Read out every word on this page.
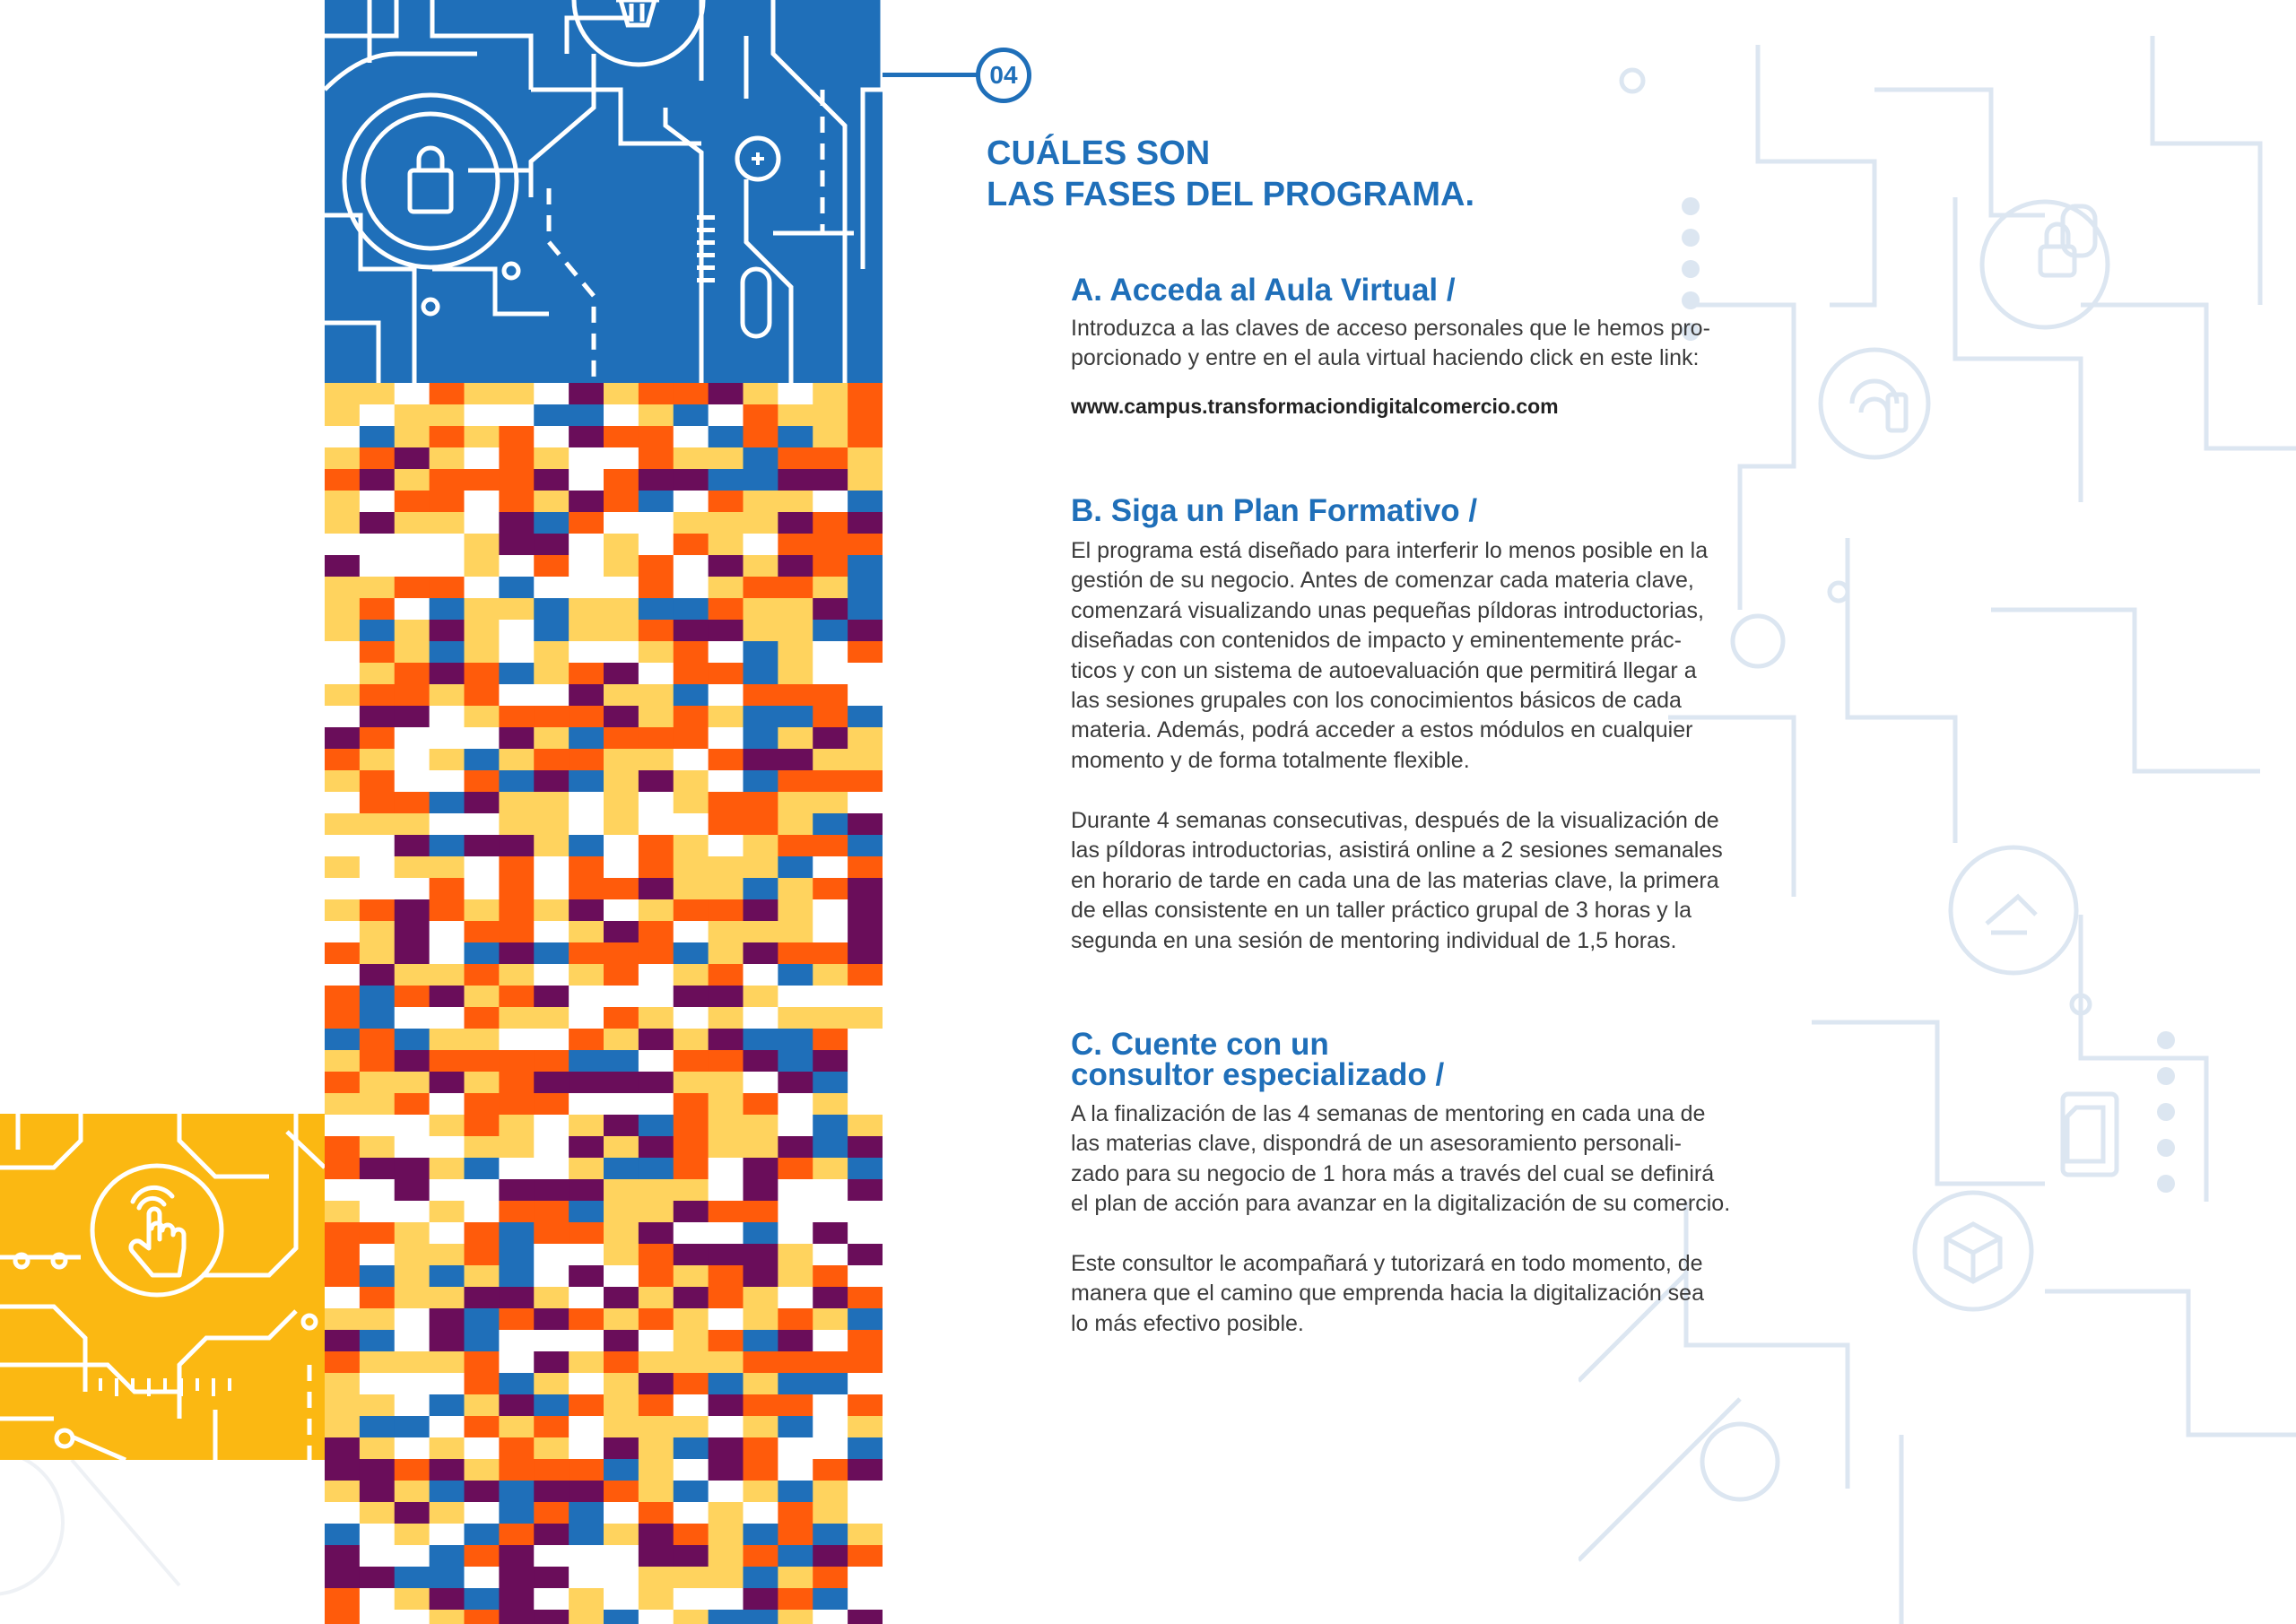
04
CUÁLES SON
LAS FASES DEL PROGRAMA.
A. Acceda al Aula Virtual /
Introduzca a las claves de acceso personales que le hemos pro-
porcionado y entre en el aula virtual haciendo click en este link:
www.campus.transformaciondigitalcomercio.com
B. Siga un Plan Formativo /
El programa está diseñado para interferir lo menos posible en la
gestión de su negocio. Antes de comenzar cada materia clave,
comenzará visualizando unas pequeñas píldoras introductorias,
diseñadas con contenidos de impacto y eminentemente prác-
ticos y con un sistema de autoevaluación que permitirá llegar a
las sesiones grupales con los conocimientos básicos de cada
materia. Además, podrá acceder a estos módulos en cualquier
momento y de forma totalmente flexible.
Durante 4 semanas consecutivas, después de la visualización de
las píldoras introductorias, asistirá online a 2 sesiones semanales
en horario de tarde en cada una de las materias clave, la primera
de ellas consistente en un taller práctico grupal de 3 horas y la
segunda en una sesión de mentoring individual de 1,5 horas.
C. Cuente con un
consultor especializado /
A la finalización de las 4 semanas de mentoring en cada una de
las materias clave, dispondrá de un asesoramiento personali-
zado para su negocio de 1 hora más a través del cual se definirá
el plan de acción para avanzar en la digitalización de su comercio.
Este consultor le acompañará y tutorizará en todo momento, de
manera que el camino que emprenda hacia la digitalización sea
lo más efectivo posible.
